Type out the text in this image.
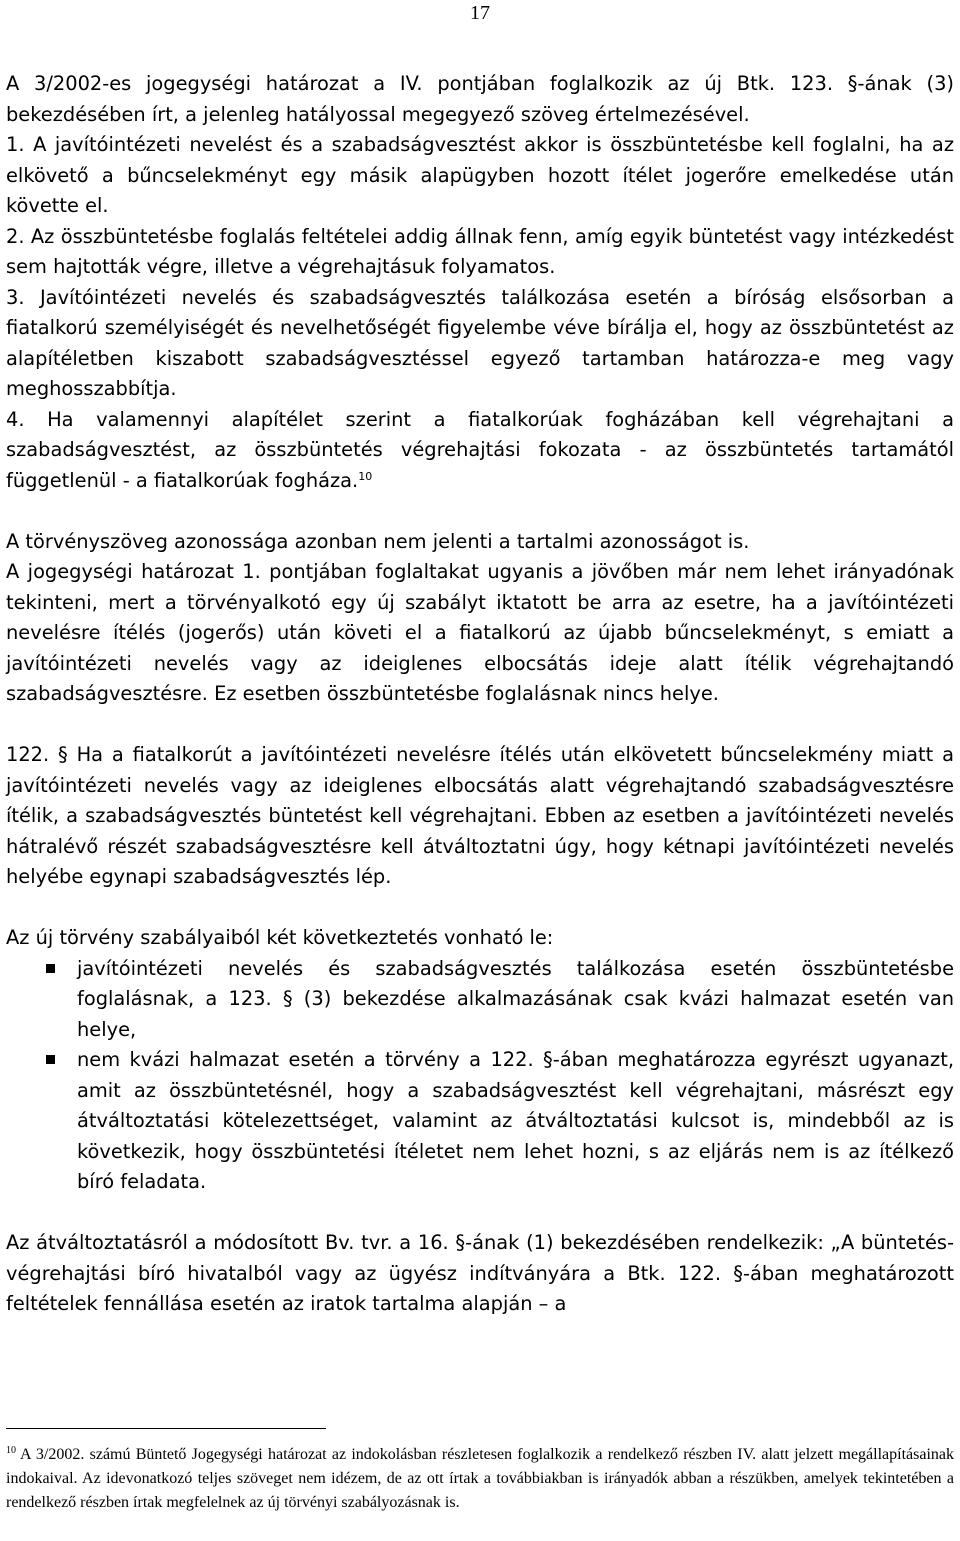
17

A 3/2002-es jogegységi határozat a IV. pontjában foglalkozik az új Btk. 123. §-ának (3) bekezdésében írt, a jelenleg hatályossal megegyező szöveg értelmezésével.

1. A javítóintézeti nevelést és a szabadságvesztést akkor is összbüntetésbe kell foglalni, ha az elkövető a bűncselekményt egy másik alapügyben hozott ítélet jogerőre emelkedése után követte el.

2. Az összbüntetésbe foglalás feltételei addig állnak fenn, amíg egyik büntetést vagy intézkedést sem hajtották végre, illetve a végrehajtásuk folyamatos.

3. Javítóintézeti nevelés és szabadságvesztés találkozása esetén a bíróság elsősorban a fiatalkorú személyiségét és nevelhetőségét figyelembe véve bírálja el, hogy az összbüntetést az alapítéletben kiszabott szabadságvesztéssel egyező tartamban határozza-e meg vagy meghosszabbítja.

4. Ha valamennyi alapítélet szerint a fiatalkorúak fogházában kell végrehajtani a szabadságvesztést, az összbüntetés végrehajtási fokozata - az összbüntetés tartamától függetlenül - a fiatalkorúak fogháza.$^{10}$

A törvényszöveg azonossága azonban nem jelenti a tartalmi azonosságot is.

A jogegységi határozat 1. pontjában foglaltakat ugyanis a jövőben már nem lehet irányadónak tekinteni, mert a törvényalkotó egy új szabályt iktatott be arra az esetre, ha a javítóintézeti nevelésre ítélés (jogerős) után követi el a fiatalkorú az újabb bűncselekményt, s emiatt a javítóintézeti nevelés vagy az ideiglenes elbocsátás ideje alatt ítélik végrehajtandó szabadságvesztésre. Ez esetben összbüntetésbe foglalásnak nincs helye.

122. § Ha a fiatalkorút a javítóintézeti nevelésre ítélés után elkövetett bűncselekmény miatt a javítóintézeti nevelés vagy az ideiglenes elbocsátás alatt végrehajtandó szabadságvesztésre ítélik, a szabadságvesztés büntetést kell végrehajtani. Ebben az esetben a javítóintézeti nevelés hátralévő részét szabadságvesztésre kell átváltoztatni úgy, hogy kétnapi javítóintézeti nevelés helyébe egynapi szabadságvesztés lép.

Az új törvény szabályaiból két következtetés vonható le:

javítóintézeti nevelés és szabadságvesztés találkozása esetén összbüntetésbe foglalásnak, a 123. § (3) bekezdése alkalmazásának csak kvázi halmazat esetén van helye,
nem kvázi halmazat esetén a törvény a 122. §-ában meghatározza egyrészt ugyanazt, amit az összbüntetésnél, hogy a szabadságvesztést kell végrehajtani, másrészt egy átváltoztatási kötelezettséget, valamint az átváltoztatási kulcsot is, mindebből az is következik, hogy összbüntetési ítéletet nem lehet hozni, s az eljárás nem is az ítélkező bíró feladata.

Az átváltoztatásról a módosított Bv. tvr. a 16. §-ának (1) bekezdésében rendelkezik: „A büntetés-végrehajtási bíró hivatalból vagy az ügyész indítványára a Btk. 122. §-ában meghatározott feltételek fennállása esetén az iratok tartalma alapján – a

$^{10}$ A 3/2002. számú Büntető Jogegységi határozat az indokolásban részletesen foglalkozik a rendelkező részben IV. alatt jelzett megállapításainak indokaival. Az idevonatkozó teljes szöveget nem idézem, de az ott írtak a továbbiakban is irányadók abban a részükben, amelyek tekintetében a rendelkező részben írtak megfelelnek az új törvényi szabályozásnak is.
